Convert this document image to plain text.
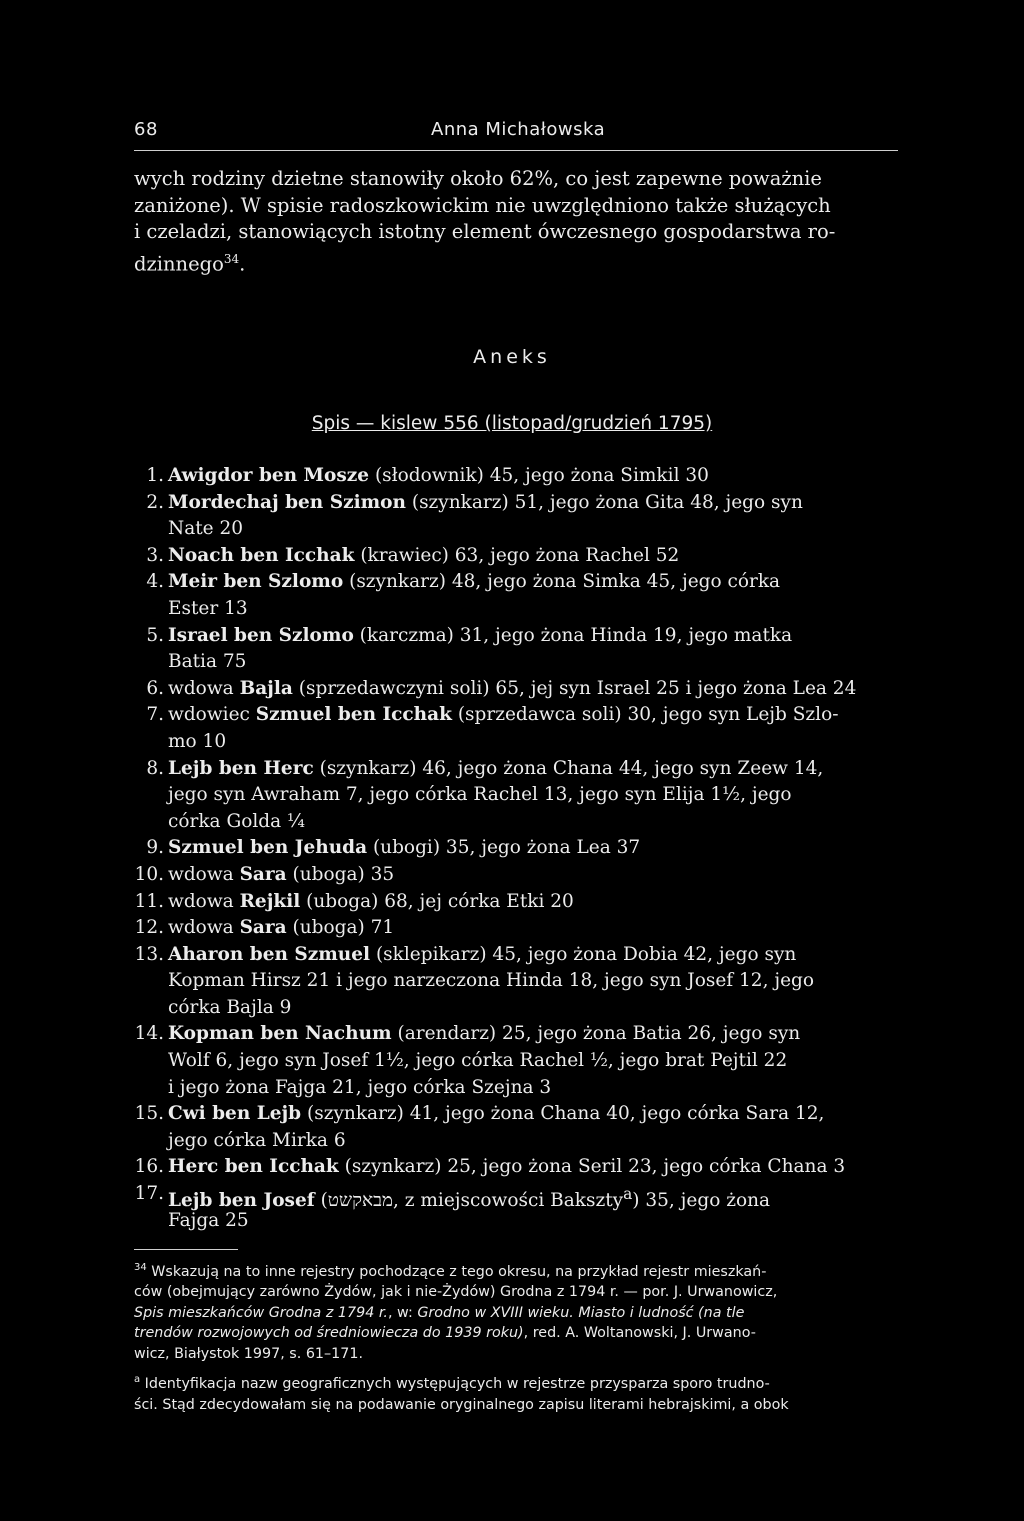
68	Anna Michałowska
wych rodziny dzietne stanowiły około 62%, co jest zapewne poważnie
zaniżone). W spisie radoszkowickim nie uwzględniono także służących
i czeladzi, stanowiących istotny element ówczesnego gospodarstwa ro-
dzinnego$^{34}$.
Aneks
Spis — kislew 556 (listopad/grudzień 1795)
1. Awigdor ben Mosze (słodownik) 45, jego żona Simkil 30
2. Mordechaj ben Szimon (szynkarz) 51, jego żona Gita 48, jego syn
Nate 20
3. Noach ben Icchak (krawiec) 63, jego żona Rachel 52
4. Meir ben Szlomo (szynkarz) 48, jego żona Simka 45, jego córka
Ester 13
5. Israel ben Szlomo (karczma) 31, jego żona Hinda 19, jego matka
Batia 75
6. wdowa Bajla (sprzedawczyni soli) 65, jej syn Israel 25 i jego żona Lea 24
7. wdowiec Szmuel ben Icchak (sprzedawca soli) 30, jego syn Lejb Szlo-
mo 10
8. Lejb ben Herc (szynkarz) 46, jego żona Chana 44, jego syn Zeew 14,
jego syn Awraham 7, jego córka Rachel 13, jego syn Elija 1½, jego
córka Golda ¼
9. Szmuel ben Jehuda (ubogi) 35, jego żona Lea 37
10. wdowa Sara (uboga) 35
11. wdowa Rejkil (uboga) 68, jej córka Etki 20
12. wdowa Sara (uboga) 71
13. Aharon ben Szmuel (sklepikarz) 45, jego żona Dobia 42, jego syn
Kopman Hirsz 21 i jego narzeczona Hinda 18, jego syn Josef 12, jego
córka Bajla 9
14. Kopman ben Nachum (arendarz) 25, jego żona Batia 26, jego syn
Wolf 6, jego syn Josef 1½, jego córka Rachel ½, jego brat Pejtil 22
i jego żona Fajga 21, jego córka Szejna 3
15. Cwi ben Lejb (szynkarz) 41, jego żona Chana 40, jego córka Sara 12,
jego córka Mirka 6
16. Herc ben Icchak (szynkarz) 25, jego żona Seril 23, jego córka Chana 3
17. Lejb ben Josef (מבאקשט, z miejscowości Bakszty$^a$) 35, jego żona
Fajga 25
$^{34}$ Wskazują na to inne rejestry pochodzące z tego okresu, na przykład rejestr mieszkań-
ców (obejmujący zarówno Żydów, jak i nie-Żydów) Grodna z 1794 r. — por. J. Urwanowicz,
Spis mieszkańców Grodna z 1794 r., w: Grodno w XVIII wieku. Miasto i ludność (na tle
trendów rozwojowych od średniowiecza do 1939 roku), red. A. Woltanowski, J. Urwano-
wicz, Białystok 1997, s. 61–171.
$^a$ Identyfikacja nazw geograficznych występujących w rejestrze przysparza sporo trudno-
ści. Stąd zdecydowałam się na podawanie oryginalnego zapisu literami hebrajskimi, a obok
